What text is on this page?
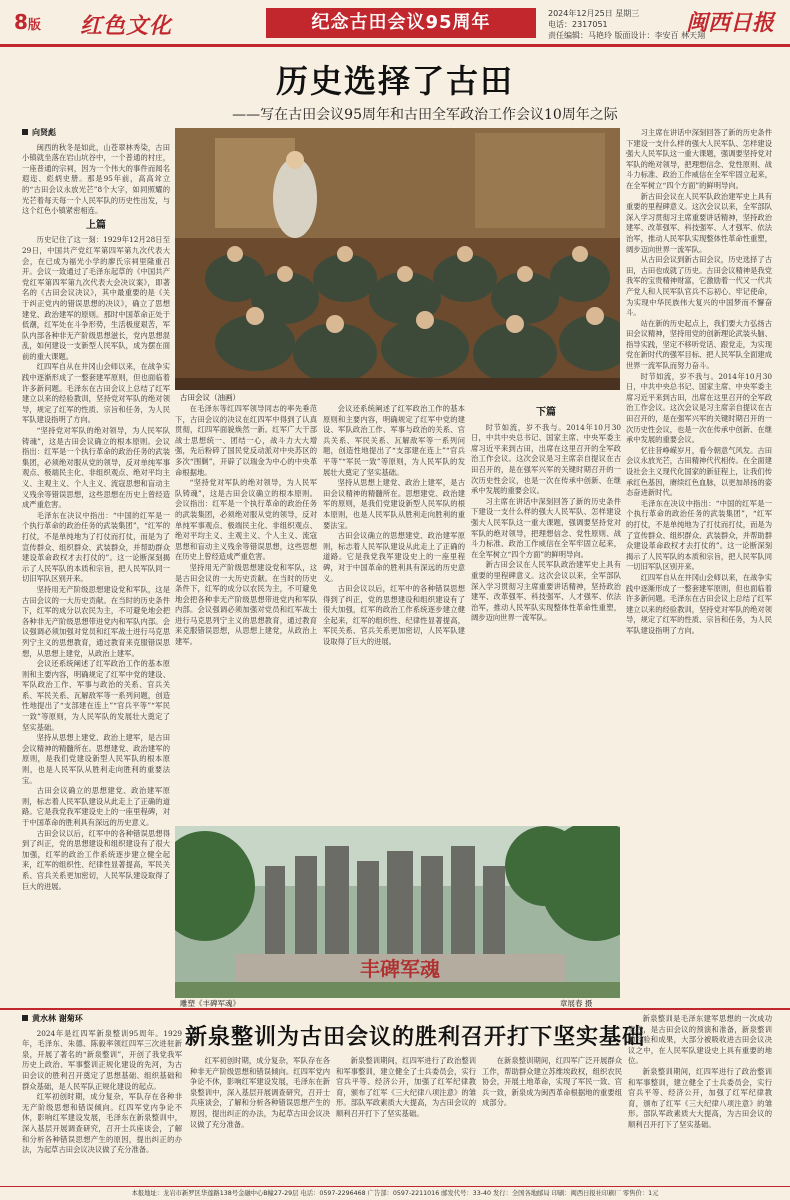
8版 红色文化	纪念古田会议95周年	2024年12月25日 星期三
电话：2317051
责任编辑：马艳玲 版面设计：李安百 林天翔
闽西日报
历史选择了古田
——写在古田会议95周年和古田全军政治工作会议10周年之际
向贤彪

闽西的秋冬是如此，山苍翠林秀染，古田小镇就坐落在岩山坑谷中，一个普通的村庄，一座普通的宗祠，因为一个伟大的事件而闻名遐迩、彪炳史册。那是95年前，高高耸立的“古田会议永放光芒”8个大字，如同照耀的光芒着每天每一个人民军队的历史性出发，与这个红色小镇紧密相连。

上篇

历史记住了这一刻：1929年12月28日至29日，中国共产党红军第四军第九次代表大会，在已成为福光小学的廖氏宗祠里隆重召开。会议一致通过了毛泽东起草的《中国共产党红军第四军第九次代表大会决议案》，即著名的《古田会议决议》，其中最重要的是《关于纠正党内的错误思想的决议》，确立了思想建党、政治建军的原则。那时中国革命正处于低潮，红军处在斗争形势，生活极度艰苦，军队内部各种非无产阶级思想滋长，党内思想混乱，如何建设一支新型人民军队，成为摆在面前的重大课题。

红四军自从在井冈山会师以来，在战争实践中逐渐形成了一整套建军原则，但也面临着许多新问题。毛泽东在古田会议上总结了红军建立以来的经验教训，坚持党对军队的绝对领导，规定了红军的性质、宗旨和任务，为人民军队建设指明了方向。

“坚持党对军队的绝对领导，为人民军队铸魂”，这是古田会议确立的根本原则。会议指出：红军是一个执行革命的政治任务的武装集团，必须绝对服从党的领导，反对单纯军事观点、极端民主化、非组织观点、绝对平均主义、主观主义、个人主义、流寇思想和盲动主义残余等错误思想，这些思想在历史上曾经造成严重危害。

毛泽东在决议中指出：“中国的红军是一个执行革命的政治任务的武装集团”，“红军的打仗，不是单纯地为了打仗而打仗，而是为了宣传群众、组织群众、武装群众，并帮助群众建设革命政权才去打仗的”。这一论断深刻揭示了人民军队的本质和宗旨，把人民军队同一切旧军队区别开来。

坚持用无产阶级思想建设党和军队，这是古田会议的一大历史贡献。在当时的历史条件下，红军的成分以农民为主，不可避免地会把各种非无产阶级思想带进党内和军队内部。会议强调必须加强对党员和红军战士进行马克思列宁主义的思想教育，通过教育来克服错误思想，从思想上建党，从政治上建军。

会议还系统阐述了红军政治工作的基本原则和主要内容，明确规定了红军中党的建设、军队政治工作、军事与政治的关系、官兵关系、军民关系、瓦解敌军等一系列问题，创造性地提出了“支部建在连上”“官兵平等”“军民一致”等原则，为人民军队的发展壮大奠定了坚实基础。

坚持从思想上建党、政治上建军，是古田会议精神的精髓所在。思想建党、政治建军的原则，是我们党建设新型人民军队的根本原则，也是人民军队从胜利走向胜利的重要法宝。

古田会议确立的思想建党、政治建军原则，标志着人民军队建设从此走上了正确的道路。它是我党我军建设史上的一座里程碑，对于中国革命的胜利具有深远的历史意义。

古田会议以后，红军中的各种错误思想得到了纠正，党的思想建设和组织建设有了很大加强，红军的政治工作系统逐步建立健全起来，红军的组织性、纪律性显著提高，军民关系、官兵关系更加密切，人民军队建设取得了巨大的进展。

古田会议（油画）

在毛泽东等红四军领导同志的率先垂范下，古田会议的决议在红四军中得到了认真贯彻，红四军面貌焕然一新。红军广大干部战士思想统一、团结一心，战斗力大大增强，先后粉碎了国民党反动派对中央苏区的多次“围剿”，开辟了以瑞金为中心的中央革命根据地。

“坚持党对军队的绝对领导，为人民军队铸魂”，这是古田会议确立的根本原则。会议指出：红军是一个执行革命的政治任务的武装集团，必须绝对服从党的领导，反对单纯军事观点、极端民主化、非组织观点、绝对平均主义、主观主义、个人主义、流寇思想和盲动主义残余等错误思想，这些思想在历史上曾经造成严重危害。

坚持用无产阶级思想建设党和军队，这是古田会议的一大历史贡献。在当时的历史条件下，红军的成分以农民为主，不可避免地会把各种非无产阶级思想带进党内和军队内部。会议强调必须加强对党员和红军战士进行马克思列宁主义的思想教育，通过教育来克服错误思想，从思想上建党，从政治上建军。

会议还系统阐述了红军政治工作的基本原则和主要内容，明确规定了红军中党的建设、军队政治工作、军事与政治的关系、官兵关系、军民关系、瓦解敌军等一系列问题，创造性地提出了“支部建在连上”“官兵平等”“军民一致”等原则，为人民军队的发展壮大奠定了坚实基础。

坚持从思想上建党、政治上建军，是古田会议精神的精髓所在。思想建党、政治建军的原则，是我们党建设新型人民军队的根本原则，也是人民军队从胜利走向胜利的重要法宝。

古田会议确立的思想建党、政治建军原则，标志着人民军队建设从此走上了正确的道路。它是我党我军建设史上的一座里程碑，对于中国革命的胜利具有深远的历史意义。

古田会议以后，红军中的各种错误思想得到了纠正，党的思想建设和组织建设有了很大加强，红军的政治工作系统逐步建立健全起来，红军的组织性、纪律性显著提高，军民关系、官兵关系更加密切，人民军队建设取得了巨大的进展。

下篇

时节如流，岁不我与。2014年10月30日，中共中央总书记、国家主席、中央军委主席习近平来到古田，出席在这里召开的全军政治工作会议。这次会议是习主席亲自提议在古田召开的，是在强军兴军的关键时期召开的一次历史性会议，也是一次在传承中创新、在继承中发展的重要会议。

习主席在讲话中深刻回答了新的历史条件下建设一支什么样的强大人民军队、怎样建设强大人民军队这一重大课题，强调要坚持党对军队的绝对领导，把理想信念、党性原则、战斗力标准、政治工作威信在全军牢固立起来，在全军树立“四个方面”的鲜明导向。

新古田会议在人民军队政治建军史上具有重要的里程碑意义。这次会议以来，全军部队深入学习贯彻习主席重要讲话精神，坚持政治建军、改革强军、科技强军、人才强军、依法治军，推动人民军队实现整体性革命性重塑，阔步迈向世界一流军队。

丰碑军魂
雕塑《丰碑军魂》	章展春 摄

习主席在讲话中深刻回答了新的历史条件下建设一支什么样的强大人民军队、怎样建设强大人民军队这一重大课题，强调要坚持党对军队的绝对领导，把理想信念、党性原则、战斗力标准、政治工作威信在全军牢固立起来，在全军树立“四个方面”的鲜明导向。

新古田会议在人民军队政治建军史上具有重要的里程碑意义。这次会议以来，全军部队深入学习贯彻习主席重要讲话精神，坚持政治建军、改革强军、科技强军、人才强军、依法治军，推动人民军队实现整体性革命性重塑，阔步迈向世界一流军队。

从古田会议到新古田会议，历史选择了古田，古田也成就了历史。古田会议精神是我党我军的宝贵精神财富，它激励着一代又一代共产党人和人民军队官兵不忘初心、牢记使命，为实现中华民族伟大复兴的中国梦而不懈奋斗。

站在新的历史起点上，我们要大力弘扬古田会议精神，坚持用党的创新理论武装头脑、指导实践，坚定不移听党话、跟党走，为实现党在新时代的强军目标、把人民军队全面建成世界一流军队而努力奋斗。

时节如流，岁不我与。2014年10月30日，中共中央总书记、国家主席、中央军委主席习近平来到古田，出席在这里召开的全军政治工作会议。这次会议是习主席亲自提议在古田召开的，是在强军兴军的关键时期召开的一次历史性会议，也是一次在传承中创新、在继承中发展的重要会议。

忆往昔峥嵘岁月，看今朝意气风发。古田会议永放光芒，古田精神代代相传。在全面建设社会主义现代化国家的新征程上，让我们传承红色基因，赓续红色血脉，以更加昂扬的姿态奋进新时代。

毛泽东在决议中指出：“中国的红军是一个执行革命的政治任务的武装集团”，“红军的打仗，不是单纯地为了打仗而打仗，而是为了宣传群众、组织群众、武装群众，并帮助群众建设革命政权才去打仗的”。这一论断深刻揭示了人民军队的本质和宗旨，把人民军队同一切旧军队区别开来。

红四军自从在井冈山会师以来，在战争实践中逐渐形成了一整套建军原则，但也面临着许多新问题。毛泽东在古田会议上总结了红军建立以来的经验教训，坚持党对军队的绝对领导，规定了红军的性质、宗旨和任务，为人民军队建设指明了方向。

黄水林 谢菊环

2024年是红四军新泉整训95周年。1929年，毛泽东、朱德、陈毅率领红四军三次进驻新泉，开展了著名的“新泉整训”，开创了我党我军历史上政治、军事整训正规化建设的先河，为古田会议的胜利召开奠定了思想基础、组织基础和群众基础，是人民军队正规化建设的起点。

红军初创时期，成分复杂，军队存在各种非无产阶级思想和错误倾向。红四军党内争论不休，影响红军建设发展，毛泽东在新泉整训中，深入基层开展调查研究，召开士兵座谈会，了解和分析各种错误思想产生的原因，提出纠正的办法，为起草古田会议决议做了充分准备。

新泉整训为古田会议的胜利召开打下坚实基础

红军初创时期，成分复杂，军队存在各种非无产阶级思想和错误倾向。红四军党内争论不休，影响红军建设发展，毛泽东在新泉整训中，深入基层开展调查研究，召开士兵座谈会，了解和分析各种错误思想产生的原因，提出纠正的办法，为起草古田会议决议做了充分准备。

新泉整训期间，红四军进行了政治整训和军事整训，建立健全了士兵委员会，实行官兵平等、经济公开，加强了红军纪律教育，颁布了红军《三大纪律八项注意》的雏形。部队军政素质大大提高，为古田会议的顺利召开打下了坚实基础。

在新泉整训期间，红四军广泛开展群众工作，帮助群众建立苏维埃政权，组织农民协会，开展土地革命，实现了军民一致、官兵一致，新泉成为闽西革命根据地的重要组成部分。

新泉整训是毛泽东建军思想的一次成功实践，是古田会议的预演和准备，新泉整训的经验和成果，大部分被吸收进古田会议决议之中，在人民军队建设史上具有重要的地位。

新泉整训期间，红四军进行了政治整训和军事整训，建立健全了士兵委员会，实行官兵平等、经济公开，加强了红军纪律教育，颁布了红军《三大纪律八项注意》的雏形。部队军政素质大大提高，为古田会议的顺利召开打下了坚实基础。

本报地址：龙岩市新罗区华莲路138号金融中心B幢27-29层 电话：0597-2296468 广告部：0597-2211016 邮发代号：33-40 发行：全国各地邮局 印刷：闽西日报社印刷厂 零售价：1元
